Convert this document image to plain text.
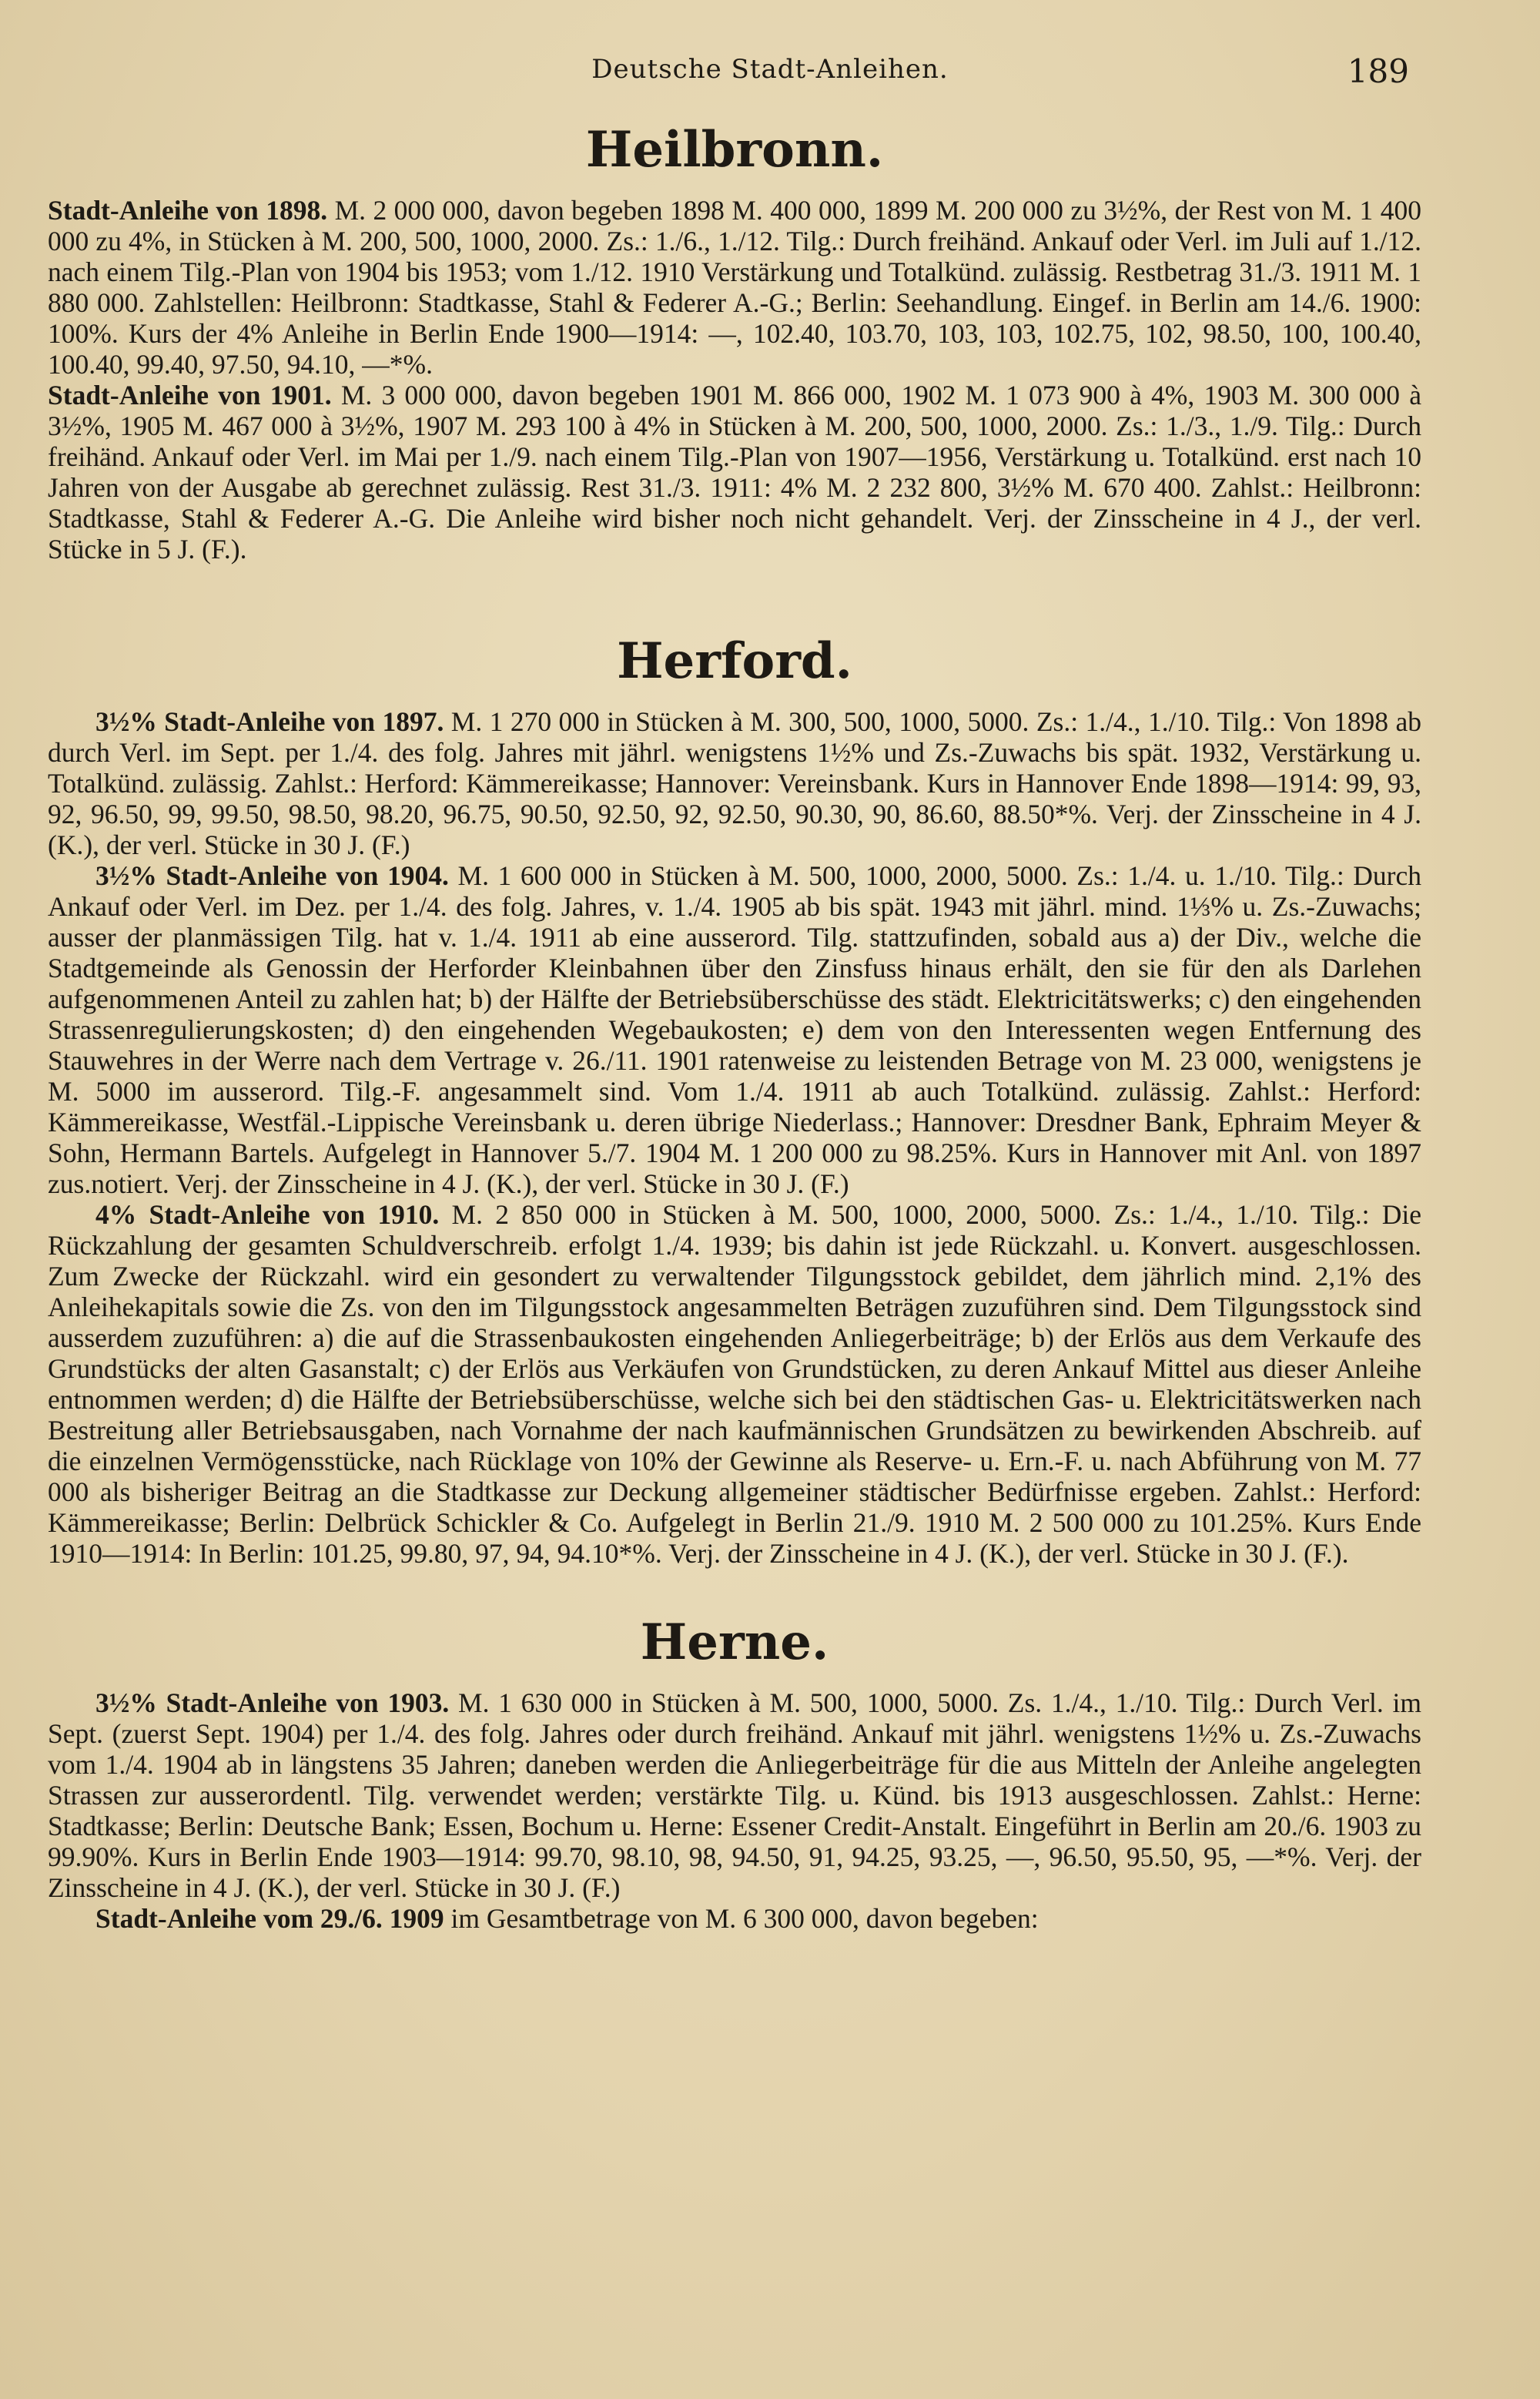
Deutsche Stadt-Anleihen.	189
Heilbronn.

Stadt-Anleihe von 1898. M. 2 000 000, davon begeben 1898 M. 400 000, 1899 M. 200 000 zu 3½%, der Rest von M. 1 400 000 zu 4%, in Stücken à M. 200, 500, 1000, 2000. Zs.: 1./6., 1./12. Tilg.: Durch freihänd. Ankauf oder Verl. im Juli auf 1./12. nach einem Tilg.-Plan von 1904 bis 1953; vom 1./12. 1910 Verstärkung und Totalkünd. zulässig. Restbetrag 31./3. 1911 M. 1 880 000. Zahlstellen: Heilbronn: Stadtkasse, Stahl & Federer A.-G.; Berlin: Seehandlung. Eingef. in Berlin am 14./6. 1900: 100%. Kurs der 4% Anleihe in Berlin Ende 1900—1914: —, 102.40, 103.70, 103, 103, 102.75, 102, 98.50, 100, 100.40, 100.40, 99.40, 97.50, 94.10, —*%.

Stadt-Anleihe von 1901. M. 3 000 000, davon begeben 1901 M. 866 000, 1902 M. 1 073 900 à 4%, 1903 M. 300 000 à 3½%, 1905 M. 467 000 à 3½%, 1907 M. 293 100 à 4% in Stücken à M. 200, 500, 1000, 2000. Zs.: 1./3., 1./9. Tilg.: Durch freihänd. Ankauf oder Verl. im Mai per 1./9. nach einem Tilg.-Plan von 1907—1956, Verstärkung u. Totalkünd. erst nach 10 Jahren von der Ausgabe ab gerechnet zulässig. Rest 31./3. 1911: 4% M. 2 232 800, 3½% M. 670 400. Zahlst.: Heilbronn: Stadtkasse, Stahl & Federer A.-G. Die Anleihe wird bisher noch nicht gehandelt. Verj. der Zinsscheine in 4 J., der verl. Stücke in 5 J. (F.).

Herford.

3½% Stadt-Anleihe von 1897. M. 1 270 000 in Stücken à M. 300, 500, 1000, 5000. Zs.: 1./4., 1./10. Tilg.: Von 1898 ab durch Verl. im Sept. per 1./4. des folg. Jahres mit jährl. wenigstens 1½% und Zs.-Zuwachs bis spät. 1932, Verstärkung u. Totalkünd. zulässig. Zahlst.: Herford: Kämmereikasse; Hannover: Vereinsbank. Kurs in Hannover Ende 1898—1914: 99, 93, 92, 96.50, 99, 99.50, 98.50, 98.20, 96.75, 90.50, 92.50, 92, 92.50, 90.30, 90, 86.60, 88.50*%. Verj. der Zinsscheine in 4 J. (K.), der verl. Stücke in 30 J. (F.)

3½% Stadt-Anleihe von 1904. M. 1 600 000 in Stücken à M. 500, 1000, 2000, 5000. Zs.: 1./4. u. 1./10. Tilg.: Durch Ankauf oder Verl. im Dez. per 1./4. des folg. Jahres, v. 1./4. 1905 ab bis spät. 1943 mit jährl. mind. 1⅓% u. Zs.-Zuwachs; ausser der planmässigen Tilg. hat v. 1./4. 1911 ab eine ausserord. Tilg. stattzufinden, sobald aus a) der Div., welche die Stadtgemeinde als Genossin der Herforder Kleinbahnen über den Zinsfuss hinaus erhält, den sie für den als Darlehen aufgenommenen Anteil zu zahlen hat; b) der Hälfte der Betriebsüberschüsse des städt. Elektricitätswerks; c) den eingehenden Strassenregulierungskosten; d) den eingehenden Wegebaukosten; e) dem von den Interessenten wegen Entfernung des Stauwehres in der Werre nach dem Vertrage v. 26./11. 1901 ratenweise zu leistenden Betrage von M. 23 000, wenigstens je M. 5000 im ausserord. Tilg.-F. angesammelt sind. Vom 1./4. 1911 ab auch Totalkünd. zulässig. Zahlst.: Herford: Kämmereikasse, Westfäl.-Lippische Vereinsbank u. deren übrige Niederlass.; Hannover: Dresdner Bank, Ephraim Meyer & Sohn, Hermann Bartels. Aufgelegt in Hannover 5./7. 1904 M. 1 200 000 zu 98.25%. Kurs in Hannover mit Anl. von 1897 zus.notiert. Verj. der Zinsscheine in 4 J. (K.), der verl. Stücke in 30 J. (F.)

4% Stadt-Anleihe von 1910. M. 2 850 000 in Stücken à M. 500, 1000, 2000, 5000. Zs.: 1./4., 1./10. Tilg.: Die Rückzahlung der gesamten Schuldverschreib. erfolgt 1./4. 1939; bis dahin ist jede Rückzahl. u. Konvert. ausgeschlossen. Zum Zwecke der Rückzahl. wird ein gesondert zu verwaltender Tilgungsstock gebildet, dem jährlich mind. 2,1% des Anleihekapitals sowie die Zs. von den im Tilgungsstock angesammelten Beträgen zuzuführen sind. Dem Tilgungsstock sind ausserdem zuzuführen: a) die auf die Strassenbaukosten eingehenden Anliegerbeiträge; b) der Erlös aus dem Verkaufe des Grundstücks der alten Gasanstalt; c) der Erlös aus Verkäufen von Grundstücken, zu deren Ankauf Mittel aus dieser Anleihe entnommen werden; d) die Hälfte der Betriebsüberschüsse, welche sich bei den städtischen Gas- u. Elektricitätswerken nach Bestreitung aller Betriebsausgaben, nach Vornahme der nach kaufmännischen Grundsätzen zu bewirkenden Abschreib. auf die einzelnen Vermögensstücke, nach Rücklage von 10% der Gewinne als Reserve- u. Ern.-F. u. nach Abführung von M. 77 000 als bisheriger Beitrag an die Stadtkasse zur Deckung allgemeiner städtischer Bedürfnisse ergeben. Zahlst.: Herford: Kämmereikasse; Berlin: Delbrück Schickler & Co. Aufgelegt in Berlin 21./9. 1910 M. 2 500 000 zu 101.25%. Kurs Ende 1910—1914: In Berlin: 101.25, 99.80, 97, 94, 94.10*%. Verj. der Zinsscheine in 4 J. (K.), der verl. Stücke in 30 J. (F.).

Herne.

3½% Stadt-Anleihe von 1903. M. 1 630 000 in Stücken à M. 500, 1000, 5000. Zs. 1./4., 1./10. Tilg.: Durch Verl. im Sept. (zuerst Sept. 1904) per 1./4. des folg. Jahres oder durch freihänd. Ankauf mit jährl. wenigstens 1½% u. Zs.-Zuwachs vom 1./4. 1904 ab in längstens 35 Jahren; daneben werden die Anliegerbeiträge für die aus Mitteln der Anleihe angelegten Strassen zur ausserordentl. Tilg. verwendet werden; verstärkte Tilg. u. Künd. bis 1913 ausgeschlossen. Zahlst.: Herne: Stadtkasse; Berlin: Deutsche Bank; Essen, Bochum u. Herne: Essener Credit-Anstalt. Eingeführt in Berlin am 20./6. 1903 zu 99.90%. Kurs in Berlin Ende 1903—1914: 99.70, 98.10, 98, 94.50, 91, 94.25, 93.25, —, 96.50, 95.50, 95, —*%. Verj. der Zinsscheine in 4 J. (K.), der verl. Stücke in 30 J. (F.)

Stadt-Anleihe vom 29./6. 1909 im Gesamtbetrage von M. 6 300 000, davon begeben:
